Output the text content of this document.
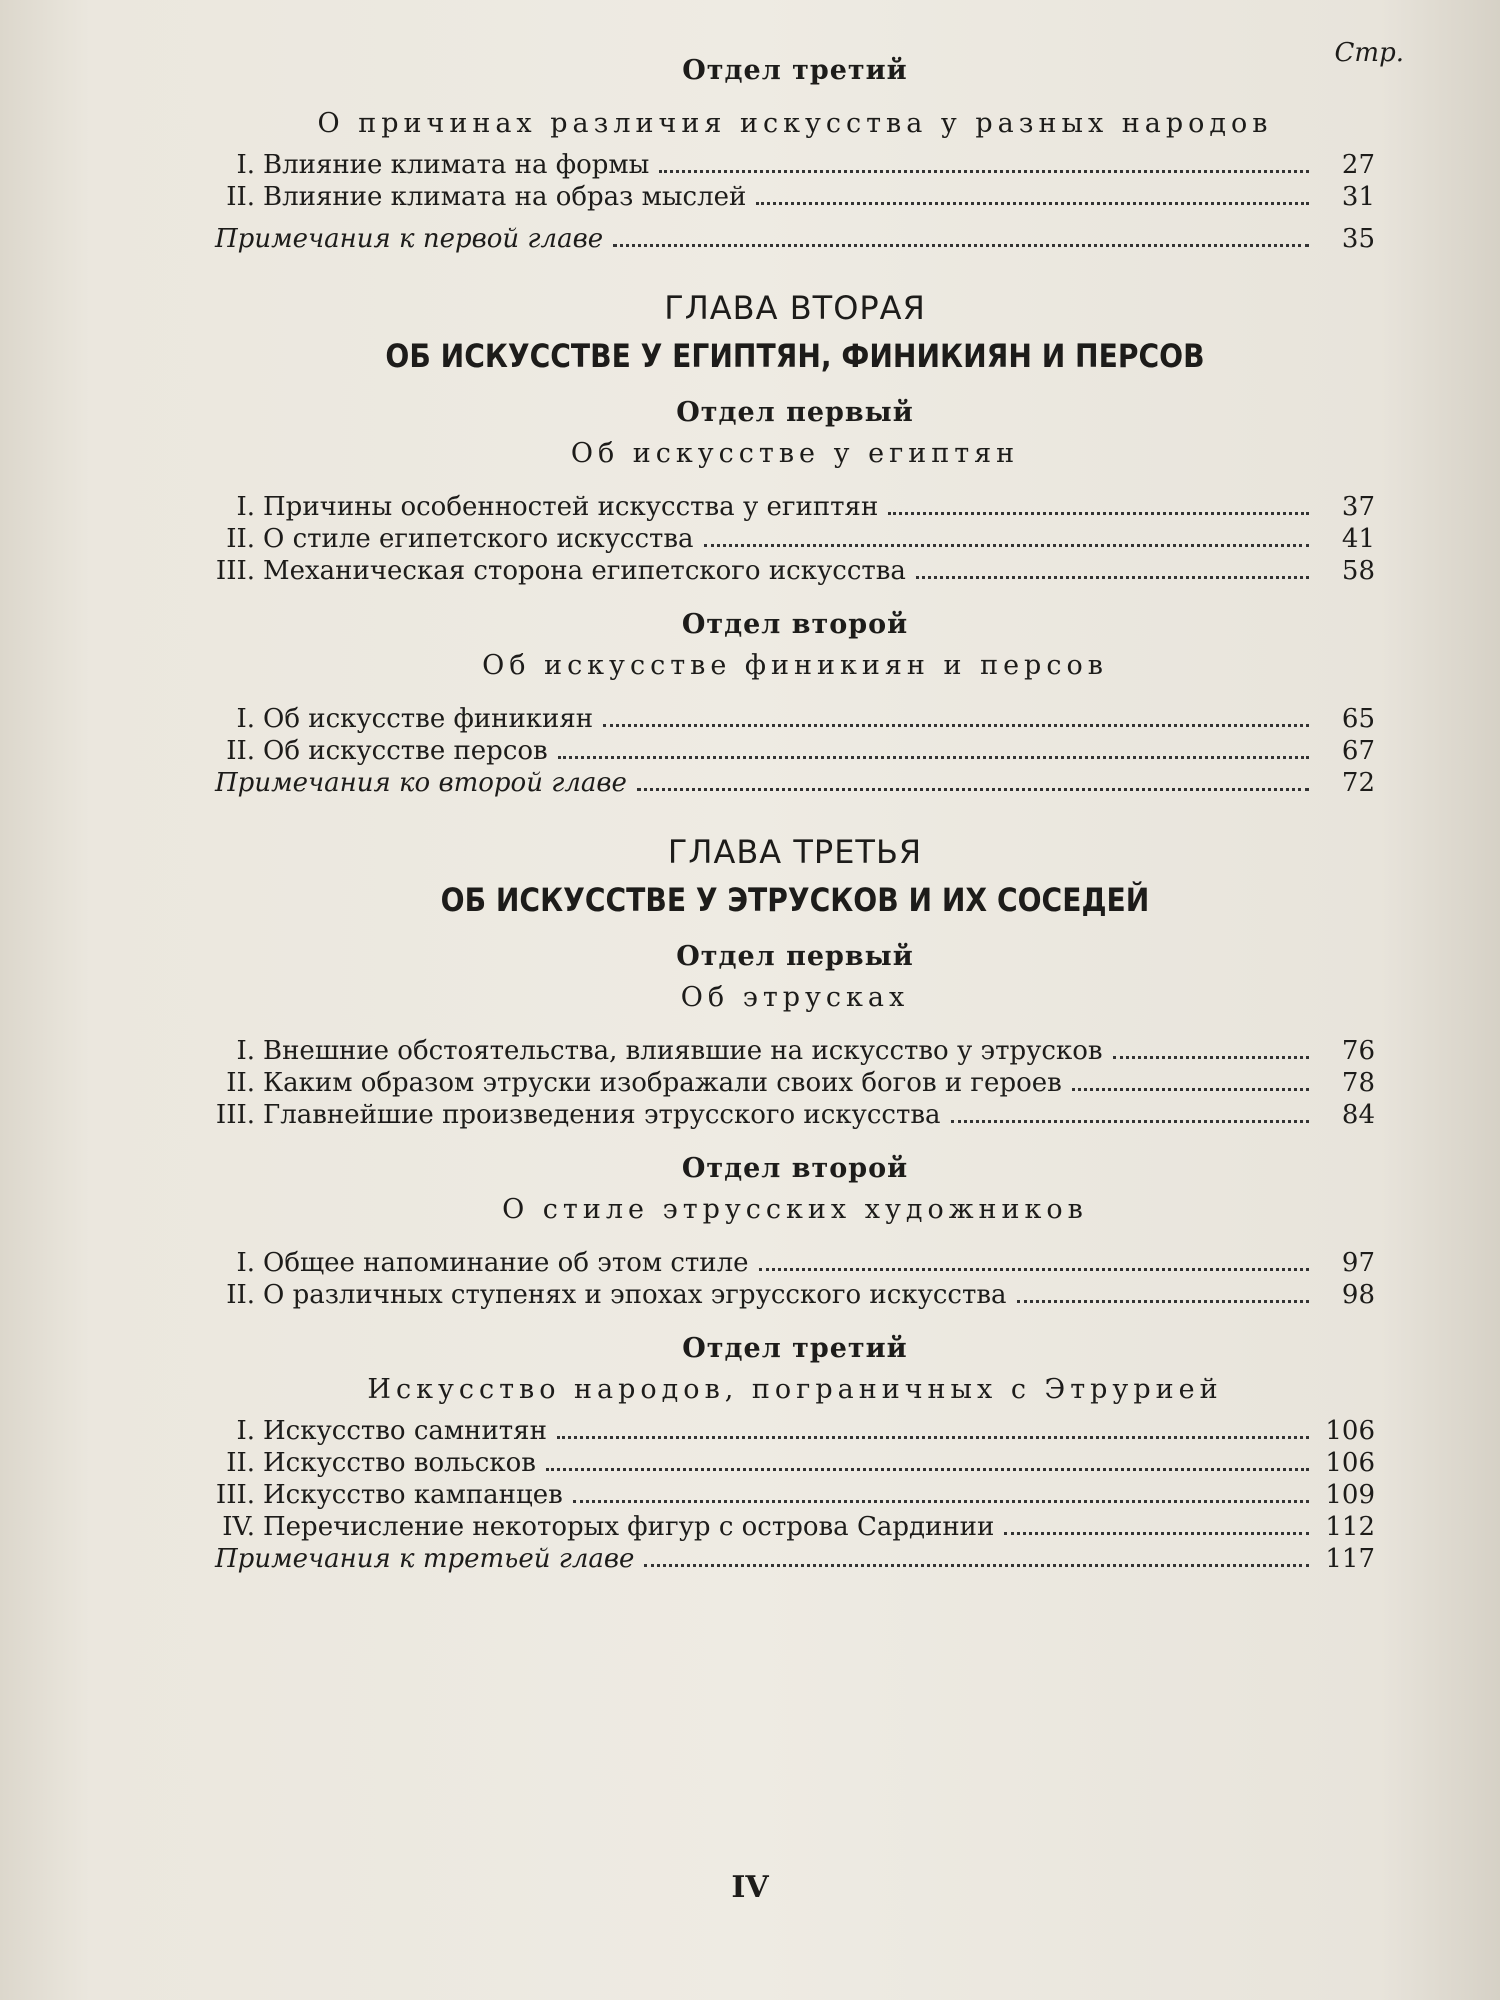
Стр.
Отдел третий
О причинах различия искусства у разных народов
I. Влияние климата на формы	27
II. Влияние климата на образ мыслей	31
Примечания к первой главе	35
ГЛАВА ВТОРАЯ
ОБ ИСКУССТВЕ У ЕГИПТЯН, ФИНИКИЯН И ПЕРСОВ
Отдел первый
Об искусстве у египтян
I. Причины особенностей искусства у египтян	37
II. О стиле египетского искусства	41
III. Механическая сторона египетского искусства	58
Отдел второй
Об искусстве финикиян и персов
I. Об искусстве финикиян	65
II. Об искусстве персов	67
Примечания ко второй главе	72
ГЛАВА ТРЕТЬЯ
ОБ ИСКУССТВЕ У ЭТРУСКОВ И ИХ СОСЕДЕЙ
Отдел первый
Об этрусках
I. Внешние обстоятельства, влиявшие на искусство у этрусков	76
II. Каким образом этруски изображали своих богов и героев	78
III. Главнейшие произведения этрусского искусства	84
Отдел второй
О стиле этрусских художников
I. Общее напоминание об этом стиле	97
II. О различных ступенях и эпохах эгрусского искусства	98
Отдел третий
Искусство народов, пограничных с Этрурией
I. Искусство самнитян	106
II. Искусство вольсков	106
III. Искусство кампанцев	109
IV. Перечисление некоторых фигур с острова Сардинии	112
Примечания к третьей главе	117
IV
